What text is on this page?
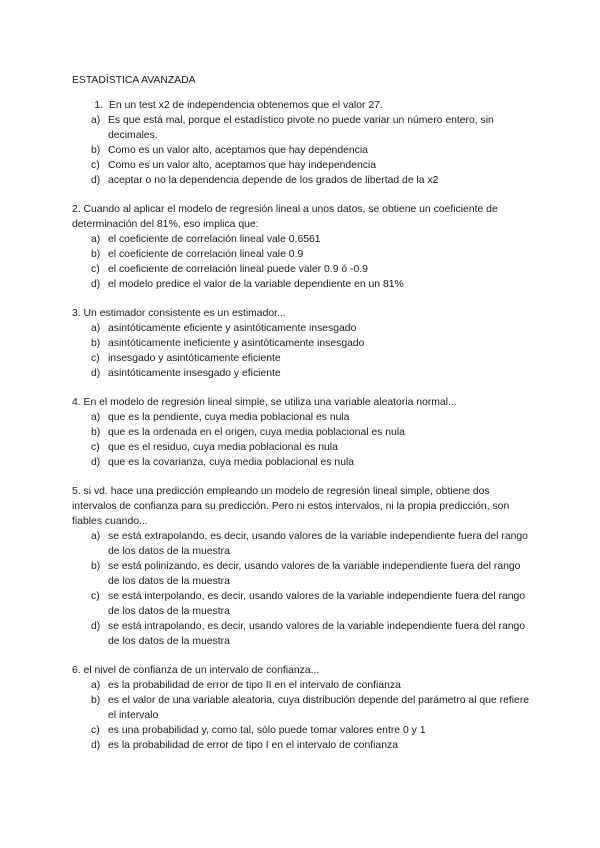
ESTADÍSTICA AVANZADA
1. En un test x2 de independencia obtenemos que el valor 27.
a) Es que está mal, porque el estadístico pivote no puede variar un número entero, sin decimales.
b) Como es un valor alto, aceptamos que hay dependencia
c) Como es un valor alto, aceptamos que hay independencia
d) aceptar o no la dependencia depende de los grados de libertad de la x2

2. Cuando al aplicar el modelo de regresión lineal a unos datos, se obtiene un coeficiente de determinación del 81%, eso implica que:

a) el coeficiente de correlación lineal vale 0.6561
b) el coeficiente de correlación lineal vale 0.9
c) el coeficiente de correlación lineal puede valer 0.9 ó -0.9
d) el modelo predice el valor de la variable dependiente en un 81%

3. Un estimador consistente es un estimador...

a) asintóticamente eficiente y asintóticamente insesgado
b) asintóticamente ineficiente y asintóticamente insesgado
c) insesgado y asintóticamente eficiente
d) asintóticamente insesgado y eficiente

4. En el modelo de regresión lineal simple, se utiliza una variable aleatoria normal...

a) que es la pendiente, cuya media poblacional es nula
b) que es la ordenada en el origen, cuya media poblacional es nula
c) que es el residuo, cuya media poblacional es nula
d) que es la covarianza, cuya media poblacional es nula

5. si vd. hace una predicción empleando un modelo de regresión lineal simple, obtiene dos intervalos de confianza para su predicción. Pero ni estos intervalos, ni la propia predicción, son fiables cuando...

a) se está extrapolando, es decir, usando valores de la variable independiente fuera del rango de los datos de la muestra
b) se está polinizando, es decir, usando valores de la variable independiente fuera del rango de los datos de la muestra
c) se está interpolando, es decir, usando valores de la variable independiente fuera del rango de los datos de la muestra
d) se está intrapolando, es decir, usando valores de la variable independiente fuera del rango de los datos de la muestra

6. el nivel de confianza de un intervalo de confianza...

a) es la probabilidad de error de tipo II en el intervalo de confianza
b) es el valor de una variable aleatoria, cuya distribución depende del parámetro al que refiere el intervalo
c) es una probabilidad y, como tal, sólo puede tomar valores entre 0 y 1
d) es la probabilidad de error de tipo I en el intervalo de confianza
